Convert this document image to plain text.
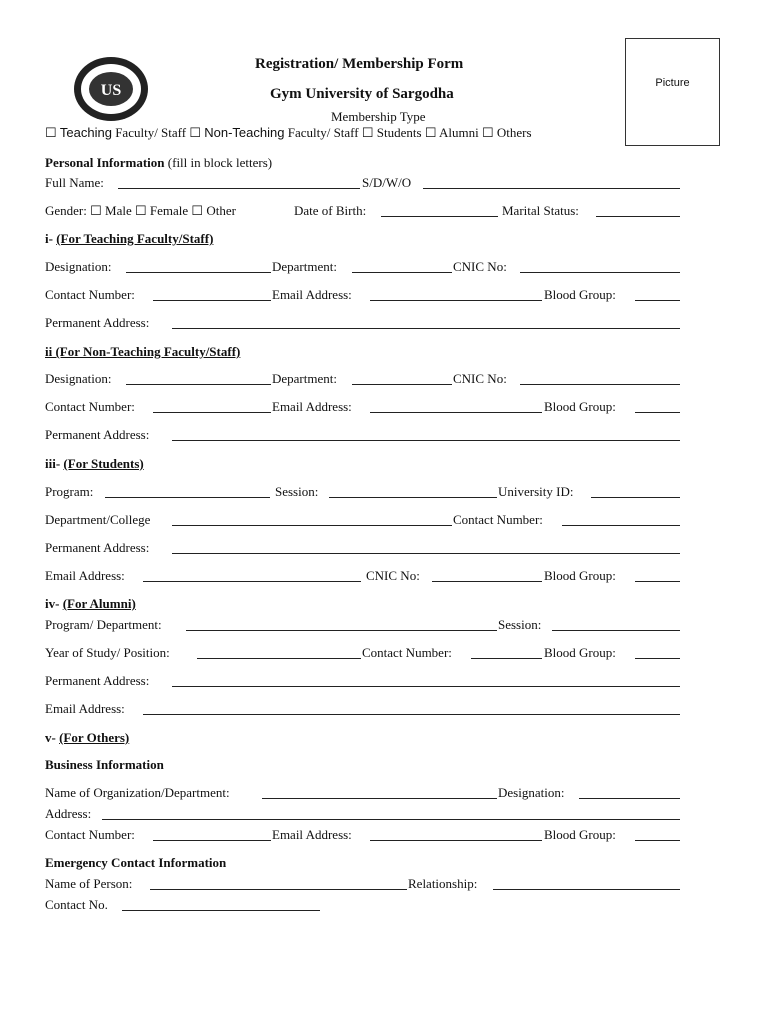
US
Registration/ Membership Form
Gym University of Sargodha
Picture
Membership Type
☐ Teaching Faculty/ Staff ☐ Non-Teaching Faculty/ Staff ☐ Students ☐ Alumni ☐ Others
Personal Information (fill in block letters)
Full Name:	S/D/W/O
Gender: ☐ Male ☐ Female ☐ Other	Date of Birth:	Marital Status:
i- (For Teaching Faculty/Staff)
Designation:	Department:	CNIC No:
Contact Number:	Email Address:	Blood Group:
Permanent Address:
ii (For Non-Teaching Faculty/Staff)
Designation:	Department:	CNIC No:
Contact Number:	Email Address:	Blood Group:
Permanent Address:
iii- (For Students)
Program:	Session:	University ID:
Department/College	Contact Number:
Permanent Address:
Email Address:	CNIC No:	Blood Group:
iv- (For Alumni)
Program/ Department:	Session:
Year of Study/ Position:	Contact Number:	Blood Group:
Permanent Address:
Email Address:
v- (For Others)
Business Information
Name of Organization/Department:	Designation:
Address:
Contact Number:	Email Address:	Blood Group:
Emergency Contact Information
Name of Person:	Relationship:
Contact No.
